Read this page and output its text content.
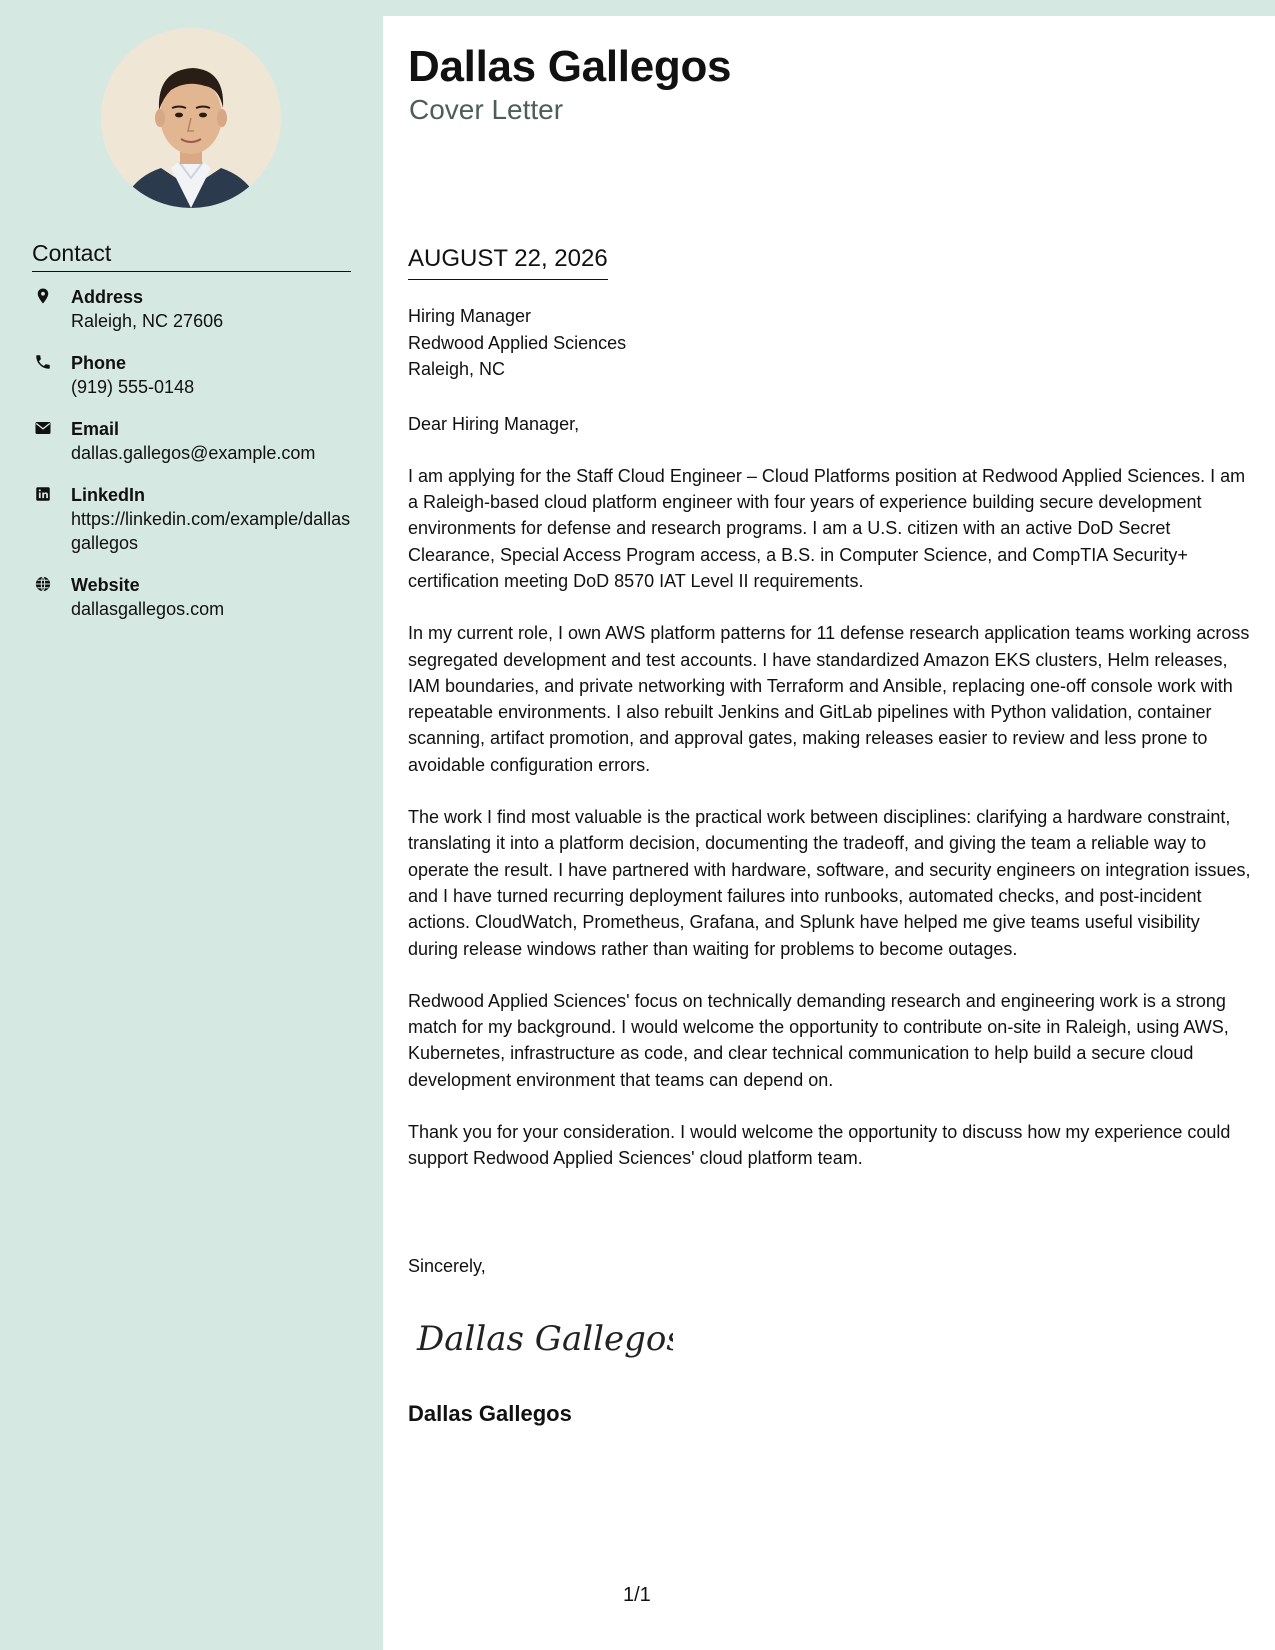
Contact
Address
Raleigh, NC 27606
Phone
(919) 555-0148
Email
dallas.gallegos@example.com
LinkedIn
https://linkedin.com/example/dallasgallegos
Website
dallasgallegos.com
Dallas Gallegos
Cover Letter
AUGUST 22, 2026
Hiring Manager
Redwood Applied Sciences
Raleigh, NC

Dear Hiring Manager,

I am applying for the Staff Cloud Engineer – Cloud Platforms position at Redwood Applied Sciences. I am a Raleigh-based cloud platform engineer with four years of experience building secure development environments for defense and research programs. I am a U.S. citizen with an active DoD Secret Clearance, Special Access Program access, a B.S. in Computer Science, and CompTIA Security+ certification meeting DoD 8570 IAT Level II requirements.

In my current role, I own AWS platform patterns for 11 defense research application teams working across segregated development and test accounts. I have standardized Amazon EKS clusters, Helm releases, IAM boundaries, and private networking with Terraform and Ansible, replacing one-off console work with repeatable environments. I also rebuilt Jenkins and GitLab pipelines with Python validation, container scanning, artifact promotion, and approval gates, making releases easier to review and less prone to avoidable configuration errors.

The work I find most valuable is the practical work between disciplines: clarifying a hardware constraint, translating it into a platform decision, documenting the tradeoff, and giving the team a reliable way to operate the result. I have partnered with hardware, software, and security engineers on integration issues, and I have turned recurring deployment failures into runbooks, automated checks, and post-incident actions. CloudWatch, Prometheus, Grafana, and Splunk have helped me give teams useful visibility during release windows rather than waiting for problems to become outages.

Redwood Applied Sciences' focus on technically demanding research and engineering work is a strong match for my background. I would welcome the opportunity to contribute on-site in Raleigh, using AWS, Kubernetes, infrastructure as code, and clear technical communication to help build a secure cloud development environment that teams can depend on.

Thank you for your consideration. I would welcome the opportunity to discuss how my experience could support Redwood Applied Sciences' cloud platform team.

Sincerely,
Dallas Gallegos
Dallas Gallegos
1/1
